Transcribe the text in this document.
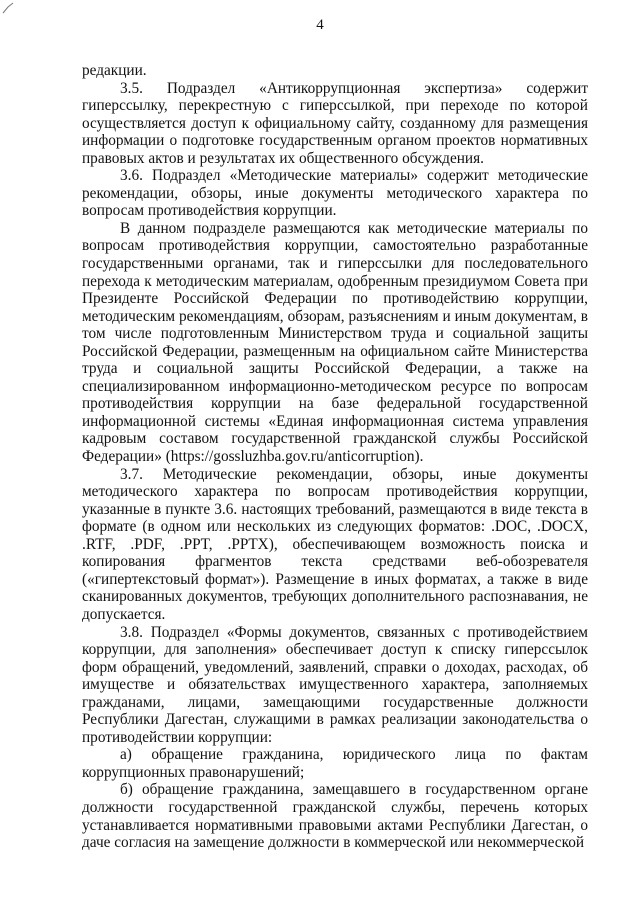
4

редакции.

3.5. Подраздел «Антикоррупционная экспертиза» содержит гиперссылку, перекрестную с гиперссылкой, при переходе по которой осуществляется доступ к официальному сайту, созданному для размещения информации о подготовке государственным органом проектов нормативных правовых актов и результатах их общественного обсуждения.

3.6. Подраздел «Методические материалы» содержит методические рекомендации, обзоры, иные документы методического характера по вопросам противодействия коррупции.

В данном подразделе размещаются как методические материалы по вопросам противодействия коррупции, самостоятельно разработанные государственными органами, так и гиперссылки для последовательного перехода к методическим материалам, одобренным президиумом Совета при Президенте Российской Федерации по противодействию коррупции, методическим рекомендациям, обзорам, разъяснениям и иным документам, в том числе подготовленным Министерством труда и социальной защиты Российской Федерации, размещенным на официальном сайте Министерства труда и социальной защиты Российской Федерации, а также на специализированном информационно-методическом ресурсе по вопросам противодействия коррупции на базе федеральной государственной информационной системы «Единая информационная система управления кадровым составом государственной гражданской службы Российской Федерации» (https://gossluzhba.gov.ru/anticorruption).

3.7. Методические рекомендации, обзоры, иные документы методического характера по вопросам противодействия коррупции, указанные в пункте 3.6. настоящих требований, размещаются в виде текста в формате (в одном или нескольких из следующих форматов: .DOC, .DOCX, .RTF, .PDF, .PPT, .PPTX), обеспечивающем возможность поиска и копирования фрагментов текста средствами веб-обозревателя («гипертекстовый формат»). Размещение в иных форматах, а также в виде сканированных документов, требующих дополнительного распознавания, не допускается.

3.8. Подраздел «Формы документов, связанных с противодействием коррупции, для заполнения» обеспечивает доступ к списку гиперссылок форм обращений, уведомлений, заявлений, справки о доходах, расходах, об имуществе и обязательствах имущественного характера, заполняемых гражданами, лицами, замещающими государственные должности Республики Дагестан, служащими в рамках реализации законодательства о противодействии коррупции:

а) обращение гражданина, юридического лица по фактам коррупционных правонарушений;

б) обращение гражданина, замещавшего в государственном органе должности государственной гражданской службы, перечень которых устанавливается нормативными правовыми актами Республики Дагестан, о даче согласия на замещение должности в коммерческой или некоммерческой
